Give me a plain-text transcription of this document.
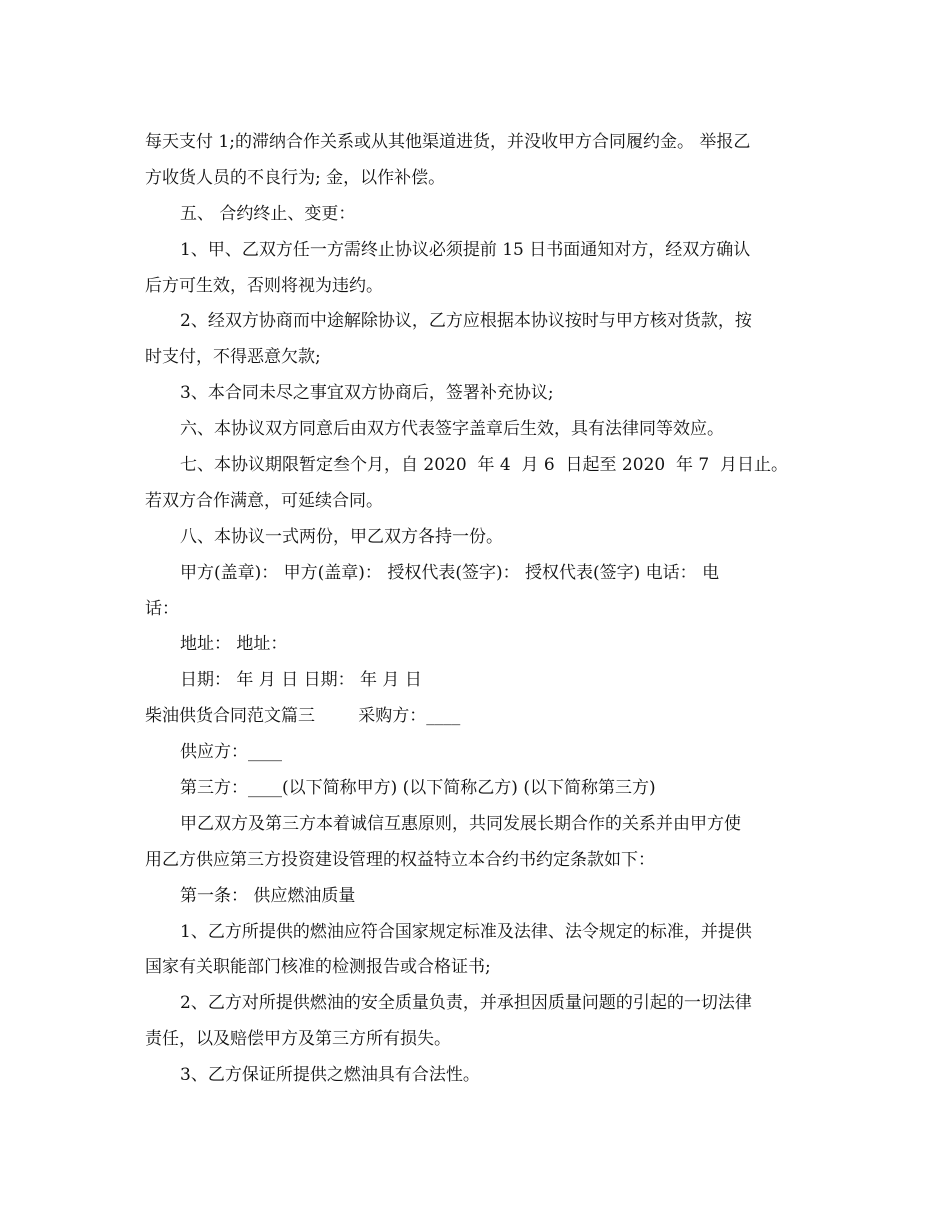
每天支付 1;的滞纳合作关系或从其他渠道进货，并没收甲方合同履约金。 举报乙
方收货人员的不良行为; 金，以作补偿。
五、 合约终止、变更：
1、甲、乙双方任一方需终止协议必须提前 15 日书面通知对方，经双方确认
后方可生效，否则将视为违约。
2、经双方协商而中途解除协议，乙方应根据本协议按时与甲方核对货款，按
时支付，不得恶意欠款;
3、本合同未尽之事宜双方协商后，签署补充协议;
六、本协议双方同意后由双方代表签字盖章后生效，具有法律同等效应。
七、本协议期限暂定叁个月，自 2020  年 4  月 6  日起至 2020  年 7  月日止。
若双方合作满意，可延续合同。
八、本协议一式两份，甲乙双方各持一份。
甲方(盖章)： 甲方(盖章)： 授权代表(签字)： 授权代表(签字) 电话： 电
话：
地址： 地址：
日期： 年 月 日 日期： 年 月 日
柴油供货合同范文篇三        采购方：____
供应方：____
第三方：____(以下简称甲方) (以下简称乙方) (以下简称第三方)
甲乙双方及第三方本着诚信互惠原则，共同发展长期合作的关系并由甲方使
用乙方供应第三方投资建设管理的权益特立本合约书约定条款如下：
第一条： 供应燃油质量
1、乙方所提供的燃油应符合国家规定标准及法律、法令规定的标准，并提供
国家有关职能部门核准的检测报告或合格证书;
2、乙方对所提供燃油的安全质量负责，并承担因质量问题的引起的一切法律
责任，以及赔偿甲方及第三方所有损失。
3、乙方保证所提供之燃油具有合法性。
